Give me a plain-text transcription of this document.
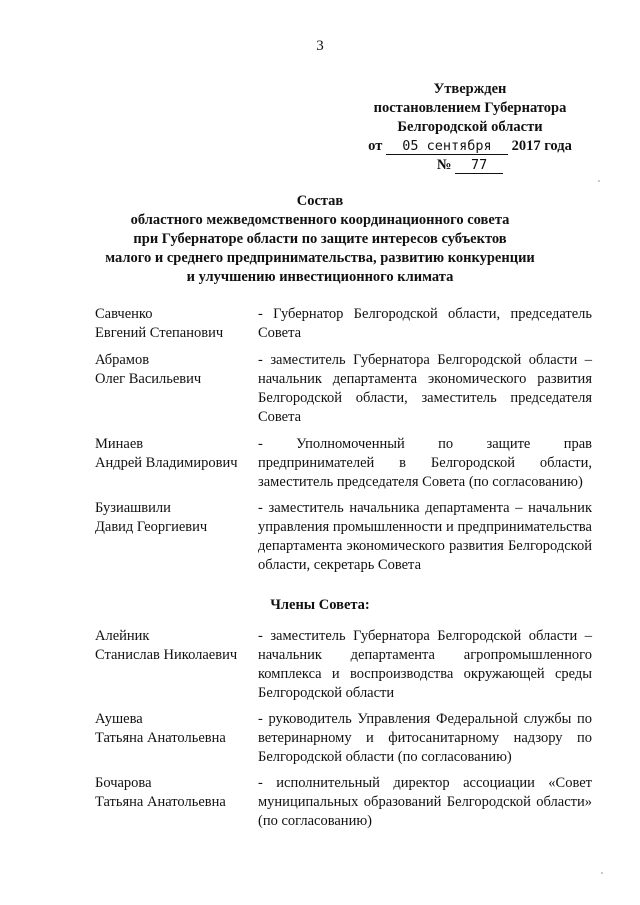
3
Утвержден
постановлением Губернатора
Белгородской области
от 05 сентября 2017 года
№ 77
Состав
областного межведомственного координационного совета
при Губернаторе области по защите интересов субъектов
малого и среднего предпринимательства, развитию конкуренции
и улучшению инвестиционного климата
Савченко
Евгений Степанович
- Губернатор Белгородской области, председатель Совета
Абрамов
Олег Васильевич
- заместитель Губернатора Белгородской области – начальник департамента экономического развития Белгородской области, заместитель председателя Совета
Минаев
Андрей Владимирович
- Уполномоченный по защите прав предпринимателей в Белгородской области, заместитель председателя Совета (по согласованию)
Бузиашвили
Давид Георгиевич
- заместитель начальника департамента – начальник управления промышленности и предпринимательства департамента экономического развития Белгородской области, секретарь Совета
Члены Совета:
Алейник
Станислав Николаевич
- заместитель Губернатора Белгородской области – начальник департамента агропромышленного комплекса и воспроизводства окружающей среды Белгородской области
Аушева
Татьяна Анатольевна
- руководитель Управления Федеральной службы по ветеринарному и фитосанитарному надзору по Белгородской области (по согласованию)
Бочарова
Татьяна Анатольевна
- исполнительный директор ассоциации «Совет муниципальных образований Белгородской области» (по согласованию)
